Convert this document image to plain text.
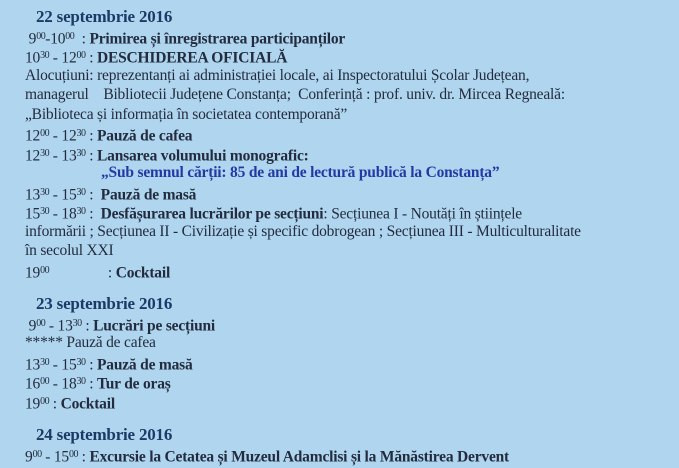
22 septembrie 2016
$9^{00}-10^{00}$  : Primirea și înregistrarea participanților
$10^{30} - 12^{00}$ : DESCHIDEREA OFICIALĂ
Alocuțiuni: reprezentanți ai administrației locale, ai Inspectoratului Școlar Județean,
managerul    Bibliotecii Județene Constanța;  Conferință : prof. univ. dr. Mircea Regneală:
„Biblioteca și informația în societatea contemporană”
$12^{00} - 12^{30}$ : Pauză de cafea
$12^{30} - 13^{30}$ : Lansarea volumului monografic:
„Sub semnul cărții: 85 de ani de lectură publică la Constanța”
$13^{30} - 15^{30}$ :  Pauză de masă
$15^{30} - 18^{30}$ :  Desfășurarea lucrărilor pe secțiuni: Secțiunea I - Noutăți în științele
informării ; Secțiunea II - Civilizație și specific dobrogean ; Secțiunea III - Multiculturalitate
în secolul XXI
$19^{00}$                : Cocktail
23 septembrie 2016
$9^{00} - 13^{30}$ : Lucrări pe secțiuni
***** Pauză de cafea
$13^{30} - 15^{30}$ : Pauză de masă
$16^{00} - 18^{30}$ : Tur de oraș
$19^{00}$ : Cocktail
24 septembrie 2016
$9^{00} - 15^{00}$ : Excursie la Cetatea și Muzeul Adamclisi și la Mănăstirea Dervent
